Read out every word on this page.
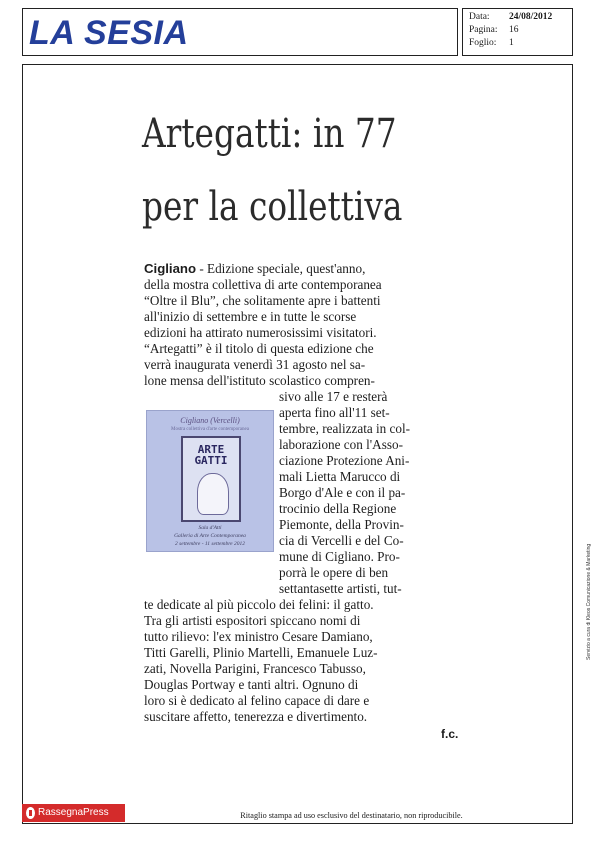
LA SESIA	Data: 24/08/2012
Pagina: 16
Foglio: 1
Artegatti: in 77
per la collettiva
Cigliano - Edizione speciale, quest'anno,
della mostra collettiva di arte contemporanea
“Oltre il Blu”, che solitamente apre i battenti
all'inizio di settembre e in tutte le scorse
edizioni ha attirato numerosissimi visitatori.
“Artegatti” è il titolo di questa edizione che
verrà inaugurata venerdì 31 agosto nel sa-
lone mensa dell'istituto scolastico compren-
sivo alle 17 e resterà
aperta fino all'11 set-
tembre, realizzata in col-
laborazione con l'Asso-
ciazione Protezione Ani-
mali Lietta Marucco di
Borgo d'Ale e con il pa-
trocinio della Regione
Piemonte, della Provin-
cia di Vercelli e del Co-
mune di Cigliano. Pro-
porrà le opere di ben
settantasette artisti, tut-
te dedicate al più piccolo dei felini: il gatto.
Tra gli artisti espositori spiccano nomi di
tutto rilievo: l'ex ministro Cesare Damiano,
Titti Garelli, Plinio Martelli, Emanuele Luz-
zati, Novella Parigini, Francesco Tabusso,
Douglas Portway e tanti altri. Ognuno di
loro si è dedicato al felino capace di dare e
suscitare affetto, tenerezza e divertimento.
f.c.
Cigliano (Vercelli)
Mostra collettiva d'arte contemporanea
ARTE
GATTI
Sala d'Atti
Galleria di Arte Contemporanea
2 settembre - 11 settembre 2012
RassegnaPress	Ritaglio stampa ad uso esclusivo del destinatario, non riproducibile.
Servizio a cura di Kleos Comunicazione & Marketing
